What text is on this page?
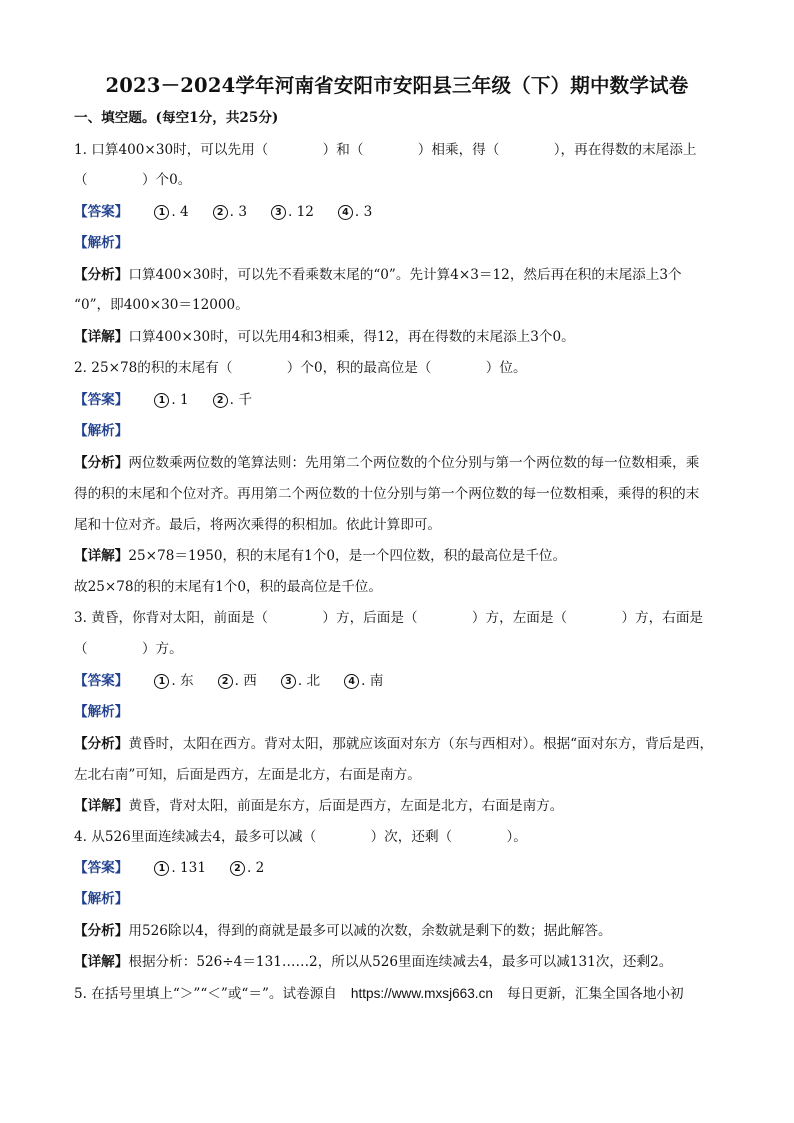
2023－2024学年河南省安阳市安阳县三年级（下）期中数学试卷
一、填空题。(每空1分，共25分)
1. 口算400×30时，可以先用（　　　　）和（　　　　）相乘，得（　　　　），再在得数的末尾添上
（　　　　）个0。
【答案】	1 . 4	2 . 3	3 . 12	4 . 3
【解析】
【分析】口算400×30时，可以先不看乘数末尾的“0”。先计算4×3＝12，然后再在积的末尾添上3个
“0”，即400×30＝12000。
【详解】口算400×30时，可以先用4和3相乘，得12，再在得数的末尾添上3个0。
2. 25×78的积的末尾有（　　　　）个0，积的最高位是（　　　　）位。
【答案】	1 . 1	2 . 千
【解析】
【分析】两位数乘两位数的笔算法则：先用第二个两位数的个位分别与第一个两位数的每一位数相乘，乘
得的积的末尾和个位对齐。再用第二个两位数的十位分别与第一个两位数的每一位数相乘，乘得的积的末
尾和十位对齐。最后，将两次乘得的积相加。依此计算即可。
【详解】25×78＝1950，积的末尾有1个0，是一个四位数，积的最高位是千位。
故25×78的积的末尾有1个0，积的最高位是千位。
3. 黄昏，你背对太阳，前面是（　　　　）方，后面是（　　　　）方，左面是（　　　　）方，右面是
（　　　　）方。
【答案】	1 . 东	2 . 西	3 . 北	4 . 南
【解析】
【分析】黄昏时，太阳在西方。背对太阳，那就应该面对东方（东与西相对）。根据“面对东方，背后是西，
左北右南”可知，后面是西方，左面是北方，右面是南方。
【详解】黄昏，背对太阳，前面是东方，后面是西方，左面是北方，右面是南方。
4. 从526里面连续减去4，最多可以减（　　　　）次，还剩（　　　　）。
【答案】	1 . 131	2 . 2
【解析】
【分析】用526除以4，得到的商就是最多可以减的次数，余数就是剩下的数；据此解答。
【详解】根据分析：526÷4＝131……2，所以从526里面连续减去4，最多可以减131次，还剩2。
5. 在括号里填上“＞”“＜”或“＝”。试卷源自 https://www.mxsj663.cn 每日更新，汇集全国各地小初
